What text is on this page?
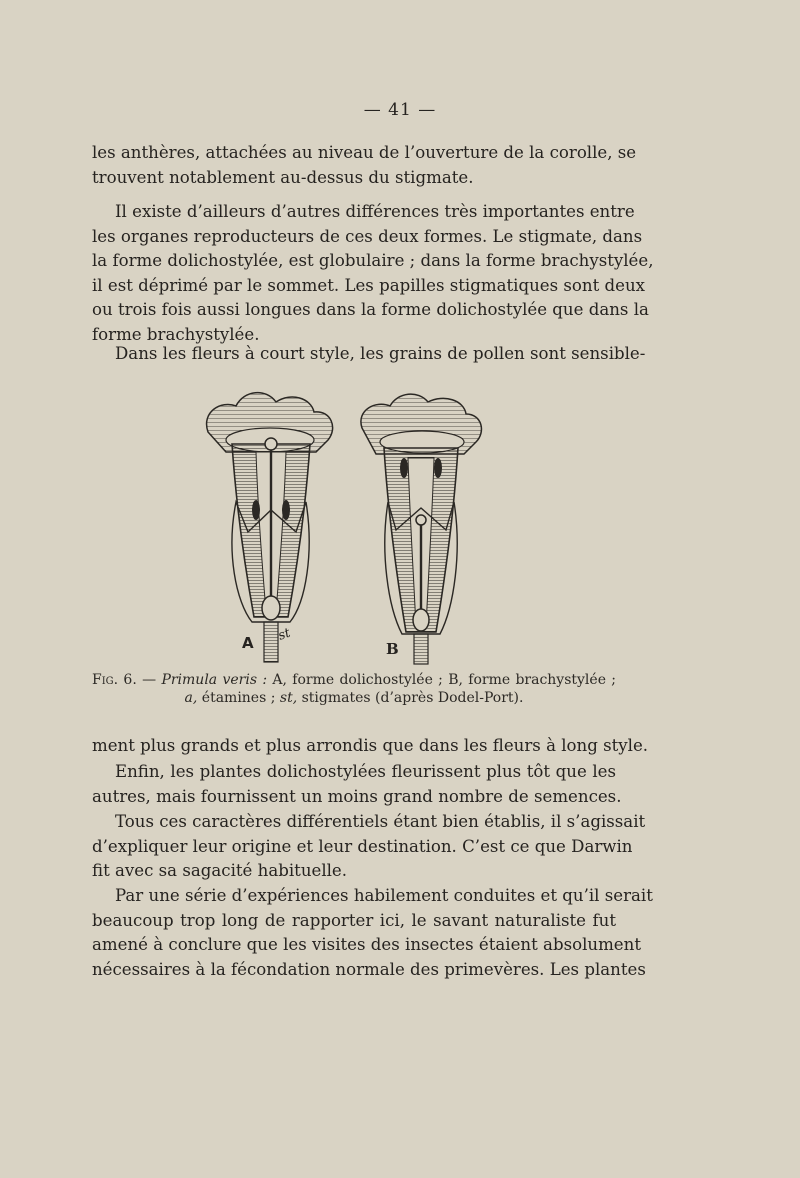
— 41 —

les anthères, attachées au niveau de l’ouverture de la corolle, se
trouvent notablement au-dessus du stigmate.

Il existe d’ailleurs d’autres différences très importantes entre
les organes reproducteurs de ces deux formes. Le stigmate, dans
la forme dolichostylée, est globulaire ; dans la forme brachystylée,
il est déprimé par le sommet. Les papilles stigmatiques sont deux
ou trois fois aussi longues dans la forme dolichostylée que dans la
forme brachystylée.

Dans les fleurs à court style, les grains de pollen sont sensible-

A st
B
Fig. 6. — Primula veris : A, forme dolichostylée ; B, forme brachystylée ;
a, étamines ; st, stigmates (d’après Dodel-Port).

ment plus grands et plus arrondis que dans les fleurs à long style.

Enfin, les plantes dolichostylées fleurissent plus tôt que les
autres, mais fournissent un moins grand nombre de semences.

Tous ces caractères différentiels étant bien établis, il s’agissait
d’expliquer leur origine et leur destination. C’est ce que Darwin
fit avec sa sagacité habituelle.

Par une série d’expériences habilement conduites et qu’il serait
beaucoup trop long de rapporter ici, le savant naturaliste fut
amené à conclure que les visites des insectes étaient absolument
nécessaires à la fécondation normale des primevères. Les plantes
